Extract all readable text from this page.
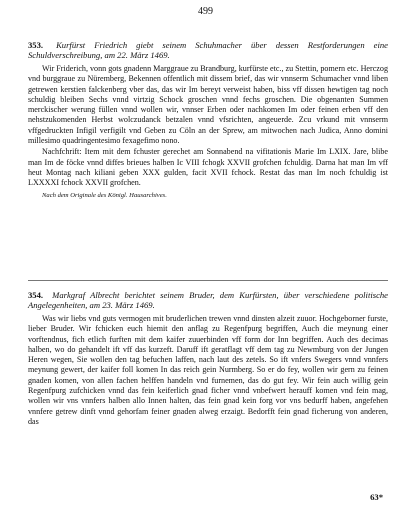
499
353. Kurfürst Friedrich giebt seinem Schuhmacher über dessen Restforderungen eine Schuldverschreibung, am 22. März 1469.

Wir Friderich, vonn gots gnadenn Marggraue zu Brandburg, kurfürste etc., zu Stettin, pomern etc. Herczog vnd burggraue zu Nüremberg, Bekennen offentlich mit dissem brief, das wir vnnserm Schumacher vnnd liben getrewen kerstien falckenberg vber das, das wir Im bereyt verweist haben, biss vff dissen hewtigen tag noch schuldig bleiben Sechs vnnd virtzig Schock groschen vnnd fechs groschen. Die obgenanten Summen merckischer werung füllen vnnd wollen wir, vnnser Erben oder nachkomen Im oder feinen erben vff den nehstzukomenden Herbst wolczudanck betzalen vnnd vfsrichten, angeuerde. Zcu vrkund mit vnnserm vffgedruckten Infigil verfigilt vnd Geben zu Cöln an der Sprew, am mitwochen nach Judica, Anno domini millesimo quadringentesimo fexagefimo nono.

Nachfchrift: Item mit dem fchuster gerechet am Sonnabend na vifitationis Marie Im LXIX. Jare, blibe man Im de föcke vnnd diffes brieues halben Ic VIII fchogk XXVII grofchen fchuldig. Darna hat man Im vff heut Montag nach kiliani geben XXX gulden, facit XVII fchock. Restat das man Im noch fchuldig ist LXXXXI fchock XXVII grofchen.

Nach dem Originale des Königl. Hausarchives.
354. Markgraf Albrecht berichtet seinem Bruder, dem Kurfürsten, über verschiedene politische Angelegenheiten, am 23. März 1469.

Was wir liebs vnd guts vermogen mit bruderlichen trewen vnnd dinsten alzeit zuuor. Hochgeborner furste, lieber Bruder. Wir fchicken euch hiemit den anflag zu Regenfpurg begriffen, Auch die meynung einer vorftendnus, fich etlich furften mit dem kaifer zuuerbinden vff form dor Inn begriffen. Auch des decimas halben, wo do gehandelt ift vff das kurzeft. Daruff ift geratflagt vff dem tag zu Newmburg von der Jungen Heren wegen, Sie wollen den tag befuchen laffen, nach laut des zetels. So ift vnfers Swegers vnnd vnnfers meynung gewert, der kaifer foll komen In das reich gein Nurmberg. So er do fey, wollen wir gern zu feinen gnaden komen, von allen fachen helffen handeln vnd furnemen, das do gut fey. Wir fein auch willig gein Regenfpurg zufchicken vnnd das fein keiferlich gnad ficher vnnd vnbefwert herauff komen vnd fein mag, wollen wir vns vnnfers halben allo Innen halten, das fein gnad kein forg vor vns bedurff haben, angefehen vnnfere getrew dinft vnnd gehorfam feiner gnaden alweg erzaigt. Bedorfft fein gnad ficherung von anderen, das

63*
